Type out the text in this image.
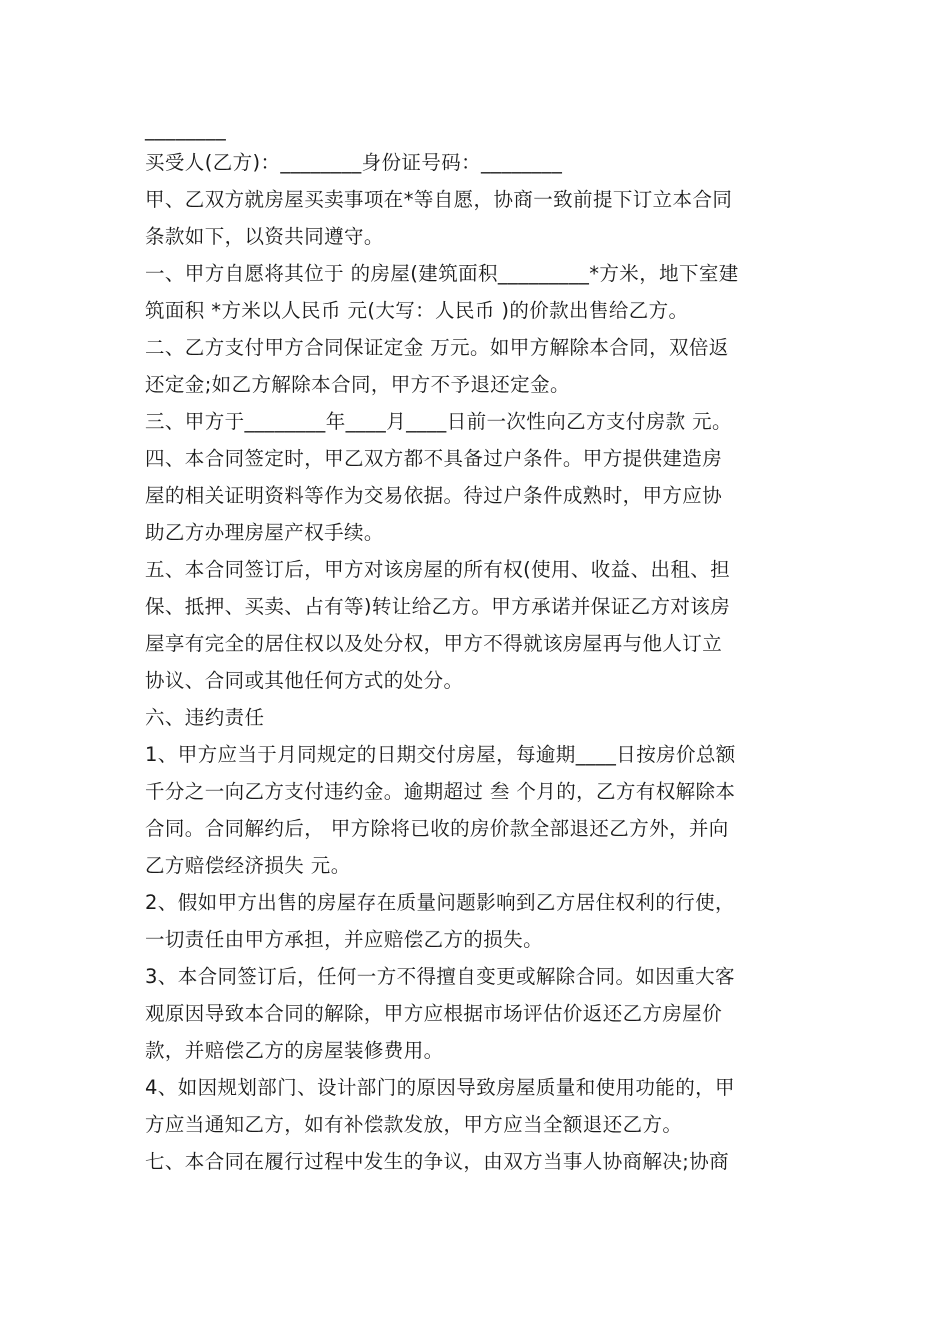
________
买受人(乙方)：________身份证号码：________
甲、乙双方就房屋买卖事项在*等自愿，协商一致前提下订立本合同
条款如下，以资共同遵守。
一、甲方自愿将其位于 的房屋(建筑面积_________*方米，地下室建
筑面积 *方米以人民币 元(大写：人民币 )的价款出售给乙方。
二、乙方支付甲方合同保证定金 万元。如甲方解除本合同，双倍返
还定金;如乙方解除本合同，甲方不予退还定金。
三、甲方于________年____月____日前一次性向乙方支付房款 元。
四、本合同签定时，甲乙双方都不具备过户条件。甲方提供建造房
屋的相关证明资料等作为交易依据。待过户条件成熟时，甲方应协
助乙方办理房屋产权手续。
五、本合同签订后，甲方对该房屋的所有权(使用、收益、出租、担
保、抵押、买卖、占有等)转让给乙方。甲方承诺并保证乙方对该房
屋享有完全的居住权以及处分权，甲方不得就该房屋再与他人订立
协议、合同或其他任何方式的处分。
六、违约责任
1、甲方应当于月同规定的日期交付房屋，每逾期____日按房价总额
千分之一向乙方支付违约金。逾期超过 叁 个月的，乙方有权解除本
合同。合同解约后， 甲方除将已收的房价款全部退还乙方外，并向
乙方赔偿经济损失 元。
2、假如甲方出售的房屋存在质量问题影响到乙方居住权利的行使，
一切责任由甲方承担，并应赔偿乙方的损失。
3、本合同签订后，任何一方不得擅自变更或解除合同。如因重大客
观原因导致本合同的解除，甲方应根据市场评估价返还乙方房屋价
款，并赔偿乙方的房屋装修费用。
4、如因规划部门、设计部门的原因导致房屋质量和使用功能的，甲
方应当通知乙方，如有补偿款发放，甲方应当全额退还乙方。
七、本合同在履行过程中发生的争议，由双方当事人协商解决;协商
